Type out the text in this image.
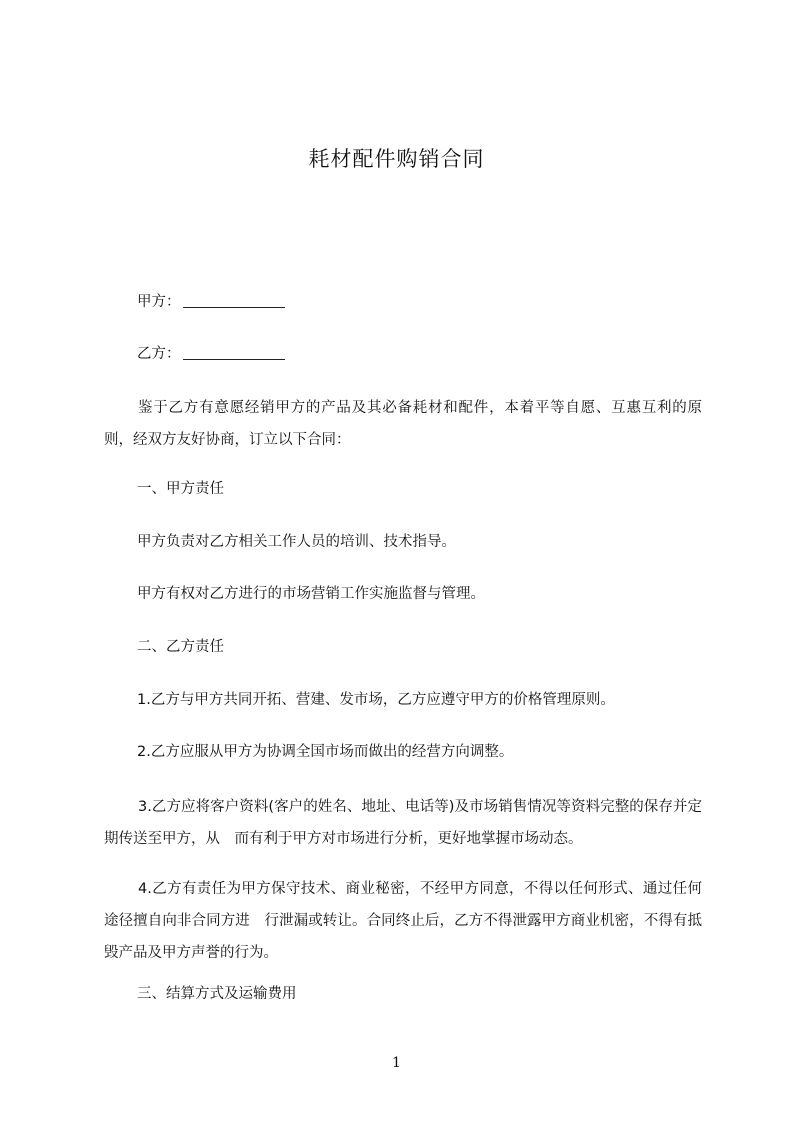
耗材配件购销合同
甲方：
乙方：
鉴于乙方有意愿经销甲方的产品及其必备耗材和配件，本着平等自愿、互惠互利的原则，经双方友好协商，订立以下合同：
一、甲方责任
甲方负责对乙方相关工作人员的培训、技术指导。
甲方有权对乙方进行的市场营销工作实施监督与管理。
二、乙方责任
1.乙方与甲方共同开拓、营建、发市场，乙方应遵守甲方的价格管理原则。
2.乙方应服从甲方为协调全国市场而做出的经营方向调整。
3.乙方应将客户资料(客户的姓名、地址、电话等)及市场销售情况等资料完整的保存并定期传送至甲方，从　而有利于甲方对市场进行分析，更好地掌握市场动态。
4.乙方有责任为甲方保守技术、商业秘密，不经甲方同意，不得以任何形式、通过任何途径擅自向非合同方进　行泄漏或转让。合同终止后，乙方不得泄露甲方商业机密，不得有抵毁产品及甲方声誉的行为。
三、结算方式及运输费用
1
